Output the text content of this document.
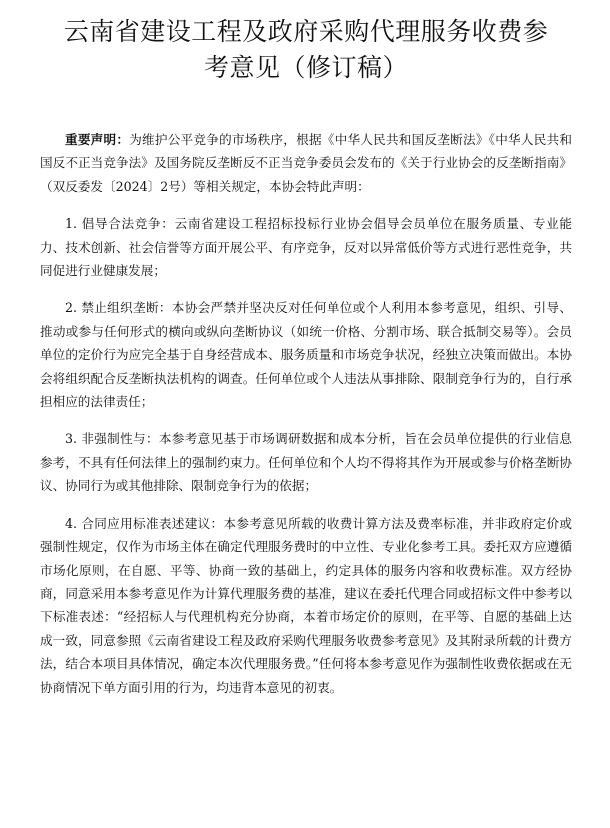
云南省建设工程及政府采购代理服务收费参
考意见（修订稿）

重要声明：为维护公平竞争的市场秩序，根据《中华人民共和国反垄断法》《中华人民共和国反不正当竞争法》及国务院反垄断反不正当竞争委员会发布的《关于行业协会的反垄断指南》（双反委发〔2024〕2号）等相关规定，本协会特此声明：

1. 倡导合法竞争：云南省建设工程招标投标行业协会倡导会员单位在服务质量、专业能力、技术创新、社会信誉等方面开展公平、有序竞争，反对以异常低价等方式进行恶性竞争，共同促进行业健康发展；

2. 禁止组织垄断：本协会严禁并坚决反对任何单位或个人利用本参考意见，组织、引导、推动或参与任何形式的横向或纵向垄断协议（如统一价格、分割市场、联合抵制交易等）。会员单位的定价行为应完全基于自身经营成本、服务质量和市场竞争状况，经独立决策而做出。本协会将组织配合反垄断执法机构的调查。任何单位或个人违法从事排除、限制竞争行为的，自行承担相应的法律责任；

3. 非强制性与：本参考意见基于市场调研数据和成本分析，旨在会员单位提供的行业信息参考，不具有任何法律上的强制约束力。任何单位和个人均不得将其作为开展或参与价格垄断协议、协同行为或其他排除、限制竞争行为的依据；

4. 合同应用标准表述建议：本参考意见所载的收费计算方法及费率标准，并非政府定价或强制性规定，仅作为市场主体在确定代理服务费时的中立性、专业化参考工具。委托双方应遵循市场化原则，在自愿、平等、协商一致的基础上，约定具体的服务内容和收费标准。双方经协商，同意采用本参考意见作为计算代理服务费的基准，建议在委托代理合同或招标文件中参考以下标准表述：“经招标人与代理机构充分协商，本着市场定价的原则，在平等、自愿的基础上达成一致，同意参照《云南省建设工程及政府采购代理服务收费参考意见》及其附录所载的计费方法，结合本项目具体情况，确定本次代理服务费。”任何将本参考意见作为强制性收费依据或在无协商情况下单方面引用的行为，均违背本意见的初衷。
